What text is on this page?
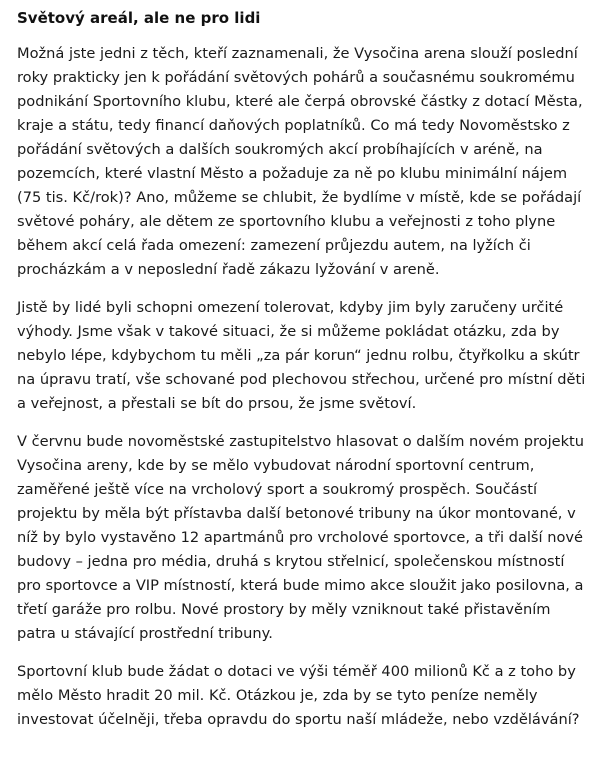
Světový areál, ale ne pro lidi

Možná jste jedni z těch, kteří zaznamenali, že Vysočina arena slouží poslední roky prakticky jen k pořádání světových pohárů a současnému soukromému podnikání Sportovního klubu, které ale čerpá obrovské částky z dotací Města, kraje a státu, tedy financí daňových poplatníků. Co má tedy Novoměstsko z pořádání světových a dalších soukromých akcí probíhajících v aréně, na pozemcích, které vlastní Město a požaduje za ně po klubu minimální nájem (75 tis. Kč/rok)? Ano, můžeme se chlubit, že bydlíme v místě, kde se pořádají světové poháry, ale dětem ze sportovního klubu a veřejnosti z toho plyne během akcí celá řada omezení: zamezení průjezdu autem, na lyžích či procházkám a v neposlední řadě zákazu lyžování v areně.

Jistě by lidé byli schopni omezení tolerovat, kdyby jim byly zaručeny určité výhody. Jsme však v takové situaci, že si můžeme pokládat otázku, zda by nebylo lépe, kdybychom tu měli „za pár korun“ jednu rolbu, čtyřkolku a skútr na úpravu tratí, vše schované pod plechovou střechou, určené pro místní děti a veřejnost, a přestali se bít do prsou, že jsme světoví.

V červnu bude novoměstské zastupitelstvo hlasovat o dalším novém projektu Vysočina areny, kde by se mělo vybudovat národní sportovní centrum, zaměřené ještě více na vrcholový sport a soukromý prospěch. Součástí projektu by měla být přístavba další betonové tribuny na úkor montované, v níž by bylo vystavěno 12 apartmánů pro vrcholové sportovce, a tři další nové budovy – jedna pro média, druhá s krytou střelnicí, společenskou místností pro sportovce a VIP místností, která bude mimo akce sloužit jako posilovna, a třetí garáže pro rolbu. Nové prostory by měly vzniknout také přistavěním patra u stávající prostřední tribuny.

Sportovní klub bude žádat o dotaci ve výši téměř 400 milionů Kč a z toho by mělo Město hradit 20 mil. Kč. Otázkou je, zda by se tyto peníze neměly investovat účelněji, třeba opravdu do sportu naší mládeže, nebo vzdělávání?
